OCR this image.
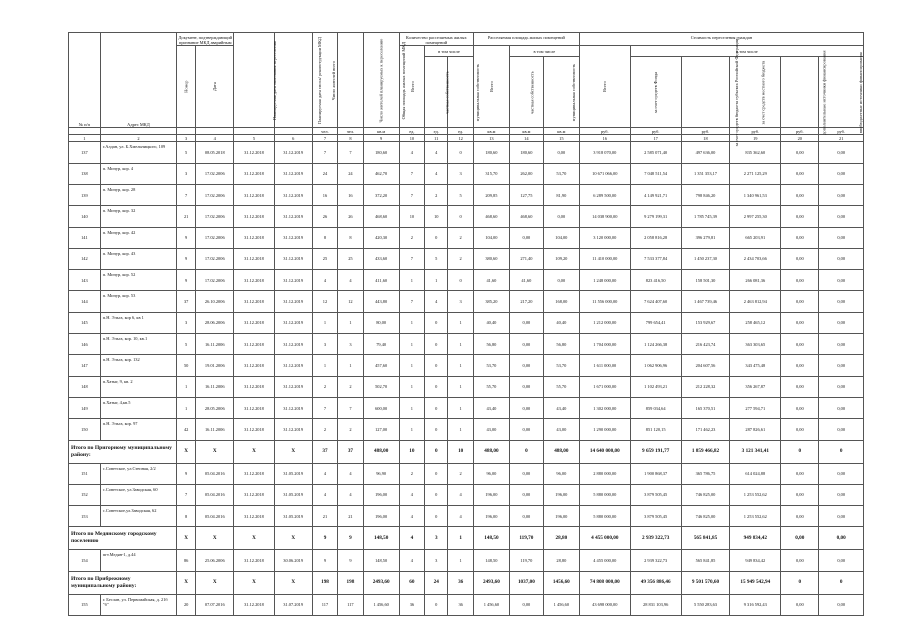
№ п/п	Адрес МКД	Документ, подтверждающий признание МКД аварийным		Планируемая дата окончания переселения	Планируемая дата сноса/ реконструкции МКД	Число жителей всего	Число жителей планируемых к переселению	Общая площадь жилых помещений МКД	Количество расселяемых жилых помещений			Расселяемая площадь жилых помещений			Стоимость переселения граждан					
		Номер	Дата						Всего	в том числе		Всего	в том числе		Всего	в том числе				
										частная собственность	муниципальная собственность		частная собственность	муниципальная собственность		за счет средств Фонда	за счет средств бюджета субъекта Российской Федерации	за счет средств местного бюджета	дополнительные источники финансирования	внебюджетные источники финансирования
						чел.	чел.	кв.м	ед.	ед.	ед.	кв.м	кв.м	кв.м	руб.	руб.	руб.	руб.	руб.	руб.
1	2	3	4	5	6	7	8	9	10	11	12	13	14	15	16	17	18	19	20	21
137	г.Алдан, ул. Б.Хмельницкого, 109	5	08.05.2018	31.12.2018	31.12.2019	7	7	180,60	4	4	0	180,60	180,60	0,00	3 918 070,00	2 585 071,40	497 636,00	835 362,60	0,00	0,00
138	п. Мичур, кор. 4	3	17.02.2006	31.12.2018	31.12.2019	24	24	462,70	7	4	3	315,70	262,00	53,70	10 671 066,00	7 048 511,54	1 351 353,17	2 271 125,29	0,00	0,00
139	п. Мичур, кор. 28	7	17.02.2006	31.12.2018	31.12.2019	16	16	372,20	7	2	5	209,85	127,75	81,90	6 289 500,00	4 149 921,71	798 846,20	1 340 961,53	0,00	0,00
140	п. Мичур, кор. 32	21	17.02.2006	31.12.2018	31.12.2019	26	26	468,60	10	10	0	468,60	468,60	0,00	14 038 900,00	9 279 199,31	1 785 745,39	2 997 255,30	0,00	0,00
141	п. Мичур, кор. 42	9	17.02.2006	31.12.2018	31.12.2019	8	8	420,30	2	0	2	104,00	0,00	104,00	3 120 000,00	2 058 816,28	396 279,81	665 203,91	0,00	0,00
142	п. Мичур, кор. 43	9	17.02.2006	31.12.2018	31.12.2019	25	25	433,60	7	5	2	380,60	271,40	109,20	11 410 000,00	7 533 377,84	1 450 237,30	2 434 703,66	0,00	0,00
143	п. Мичур, кор. 52	9	17.02.2006	31.12.2018	31.12.2019	4	4	411,60	1	1	0	41,60	41,60	0,00	1 248 000,00	823 416,50	158 501,30	266 081,36	0,00	0,00
144	п. Мичур, кор. 53	37	26.10.2006	31.12.2018	31.12.2019	12	12	443,80	7	4	3	385,20	217,20	168,00	11 556 000,00	7 624 407,60	1 467 739,46	2 463 812,94	0,00	0,00
145	п.Н. Эльга, кор 6, кв 1	3	28.06.2006	31.12.2018	31.12.2019	1	1	80,00	1	0	1	40,40	0,00	40,40	1 212 000,00	799 654,41	153 929,67	258 465,12	0,00	0,00
146	п.Н. Эльга, кор. 10, кв.1	5	16.11.2006	31.12.2018	31.12.2019	3	3	79,40	1	0	1	56,80	0,00	56,80	1 704 000,00	1 124 266,38	216 423,74	363 303,65	0,00	0,00
147	п.Н. Эльга, кор. 132	50	19.01.2006	31.12.2018	31.12.2019	1	1	457,60	1	0	1	53,70	0,00	53,70	1 611 000,00	1 062 906,96	204 607,56	343 475,48	0,00	0,00
148	п.Хатыг, 9, кв. 2	1	16.11.2006	31.12.2018	31.12.2019	2	2	502,70	1	0	1	55,70	0,00	55,70	1 671 000,00	1 102 493,21	212 228,32	356 267,87	0,00	0,00
149	п.Хатыг, 4,кв.5	1	28.05.2006	31.12.2018	31.12.2019	7	7	600,00	1	0	1	43,40	0,00	43,40	1 302 000,00	859 034,64	165 370,51	277 594,71	0,00	0,00
150	п.Н. Эльга, кор. 97	42	16.11.2006	31.12.2018	31.12.2019	2	2	127,00	1	0	1	43,00	0,00	43,00	1 290 000,00	851 120,15	171 462,23	287 826,61	0,00	0,00
Итого по Пригорному муниципальному району:		X	X	X	X	37	37	488,00	10	0	10	488,00	0	488,00	14 640 000,00	9 659 191,77	1 859 466,82	3 121 341,41	0	0
151	с.Советское, ул.Степная, 2/2	9	05.04.2016	31.12.2018	31.05.2019	4	4	96,90	2	0	2	96,00	0,00	96,00	2 880 000,00	1 900 868,37	365 786,75	614 024,88	0,00	0,00
152	с.Советское, ул.Заводская, 60	7	05.04.2016	31.12.2018	31.05.2019	4	4	196,00	4	0	4	196,00	0,00	196,00	5 880 000,00	3 879 505,45	746 825,00	1 253 552,62	0,00	0,00
153	с.Советское,ул.Заводская, 62	8	05.04.2016	31.12.2018	31.05.2019	21	21	196,00	4	0	4	196,00	0,00	196,00	5 880 000,00	3 879 505,45	746 825,00	1 253 552,62	0,00	0,00
Итого по Медянскому городскому поселению		X	X	X	X	9	9	148,50	4	3	1	148,50	119,70	28,80	4 455 000,00	2 939 322,73	565 841,85	949 834,42	0,00	0,00
154	пгт.Медян-1, д.44	86	25.06.2006	31.12.2018	30.06.2019	9	9	148,50	4	3	1	148,50	119,70	28,80	4 455 000,00	2 939 322,73	565 841,85	949 834,42	0,00	0,00
Итого по Прибрежному муниципальному району:		X	X	X	X	198	198	2493,60	60	24	36	2493,60	1037,00	1456,60	74 808 000,00	49 356 886,46	9 501 570,60	15 949 542,94	0	0
155	г. Беслан, ул. Первомайская, д. 21б "б"	20	07.07.2016	31.12.2018	31.07.2019	117	117	1 456,60	36	0	36	1 456,60	0,00	1 456,60	43 698 000,00	28 831 103,96	5 550 283,63	9 316 592,43	0,00	0,00
